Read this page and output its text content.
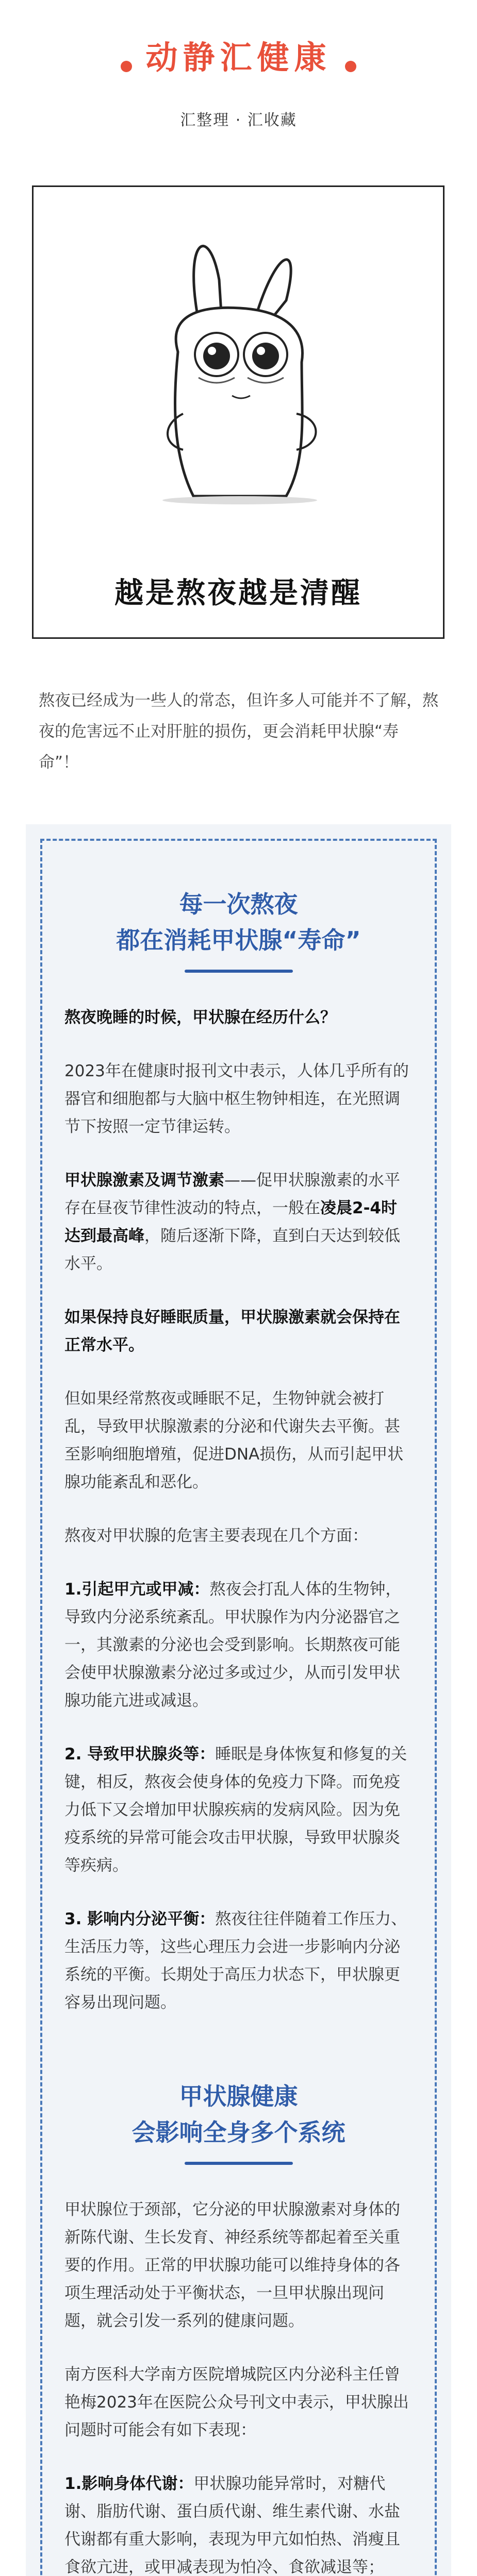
动静汇健康
汇整理 · 汇收藏
越是熬夜越是清醒
熬夜已经成为一些人的常态，但许多人可能并不了解，熬夜的危害远不止对肝脏的损伤，更会消耗甲状腺“寿命”！
每一次熬夜
都在消耗甲状腺“寿命”

熬夜晚睡的时候，甲状腺在经历什么？

2023年在健康时报刊文中表示，人体几乎所有的器官和细胞都与大脑中枢生物钟相连，在光照调节下按照一定节律运转。

甲状腺激素及调节激素——促甲状腺激素的水平存在昼夜节律性波动的特点，一般在凌晨2-4时达到最高峰，随后逐渐下降，直到白天达到较低水平。

如果保持良好睡眠质量，甲状腺激素就会保持在正常水平。

但如果经常熬夜或睡眠不足，生物钟就会被打乱，导致甲状腺激素的分泌和代谢失去平衡。甚至影响细胞增殖，促进DNA损伤，从而引起甲状腺功能紊乱和恶化。

熬夜对甲状腺的危害主要表现在几个方面：

1.引起甲亢或甲减：熬夜会打乱人体的生物钟，导致内分泌系统紊乱。甲状腺作为内分泌器官之一，其激素的分泌也会受到影响。长期熬夜可能会使甲状腺激素分泌过多或过少，从而引发甲状腺功能亢进或减退。

2. 导致甲状腺炎等：睡眠是身体恢复和修复的关键，相反，熬夜会使身体的免疫力下降。而免疫力低下又会增加甲状腺疾病的发病风险。因为免疫系统的异常可能会攻击甲状腺，导致甲状腺炎等疾病。

3. 影响内分泌平衡：熬夜往往伴随着工作压力、生活压力等，这些心理压力会进一步影响内分泌系统的平衡。长期处于高压力状态下，甲状腺更容易出现问题。

甲状腺健康
会影响全身多个系统

甲状腺位于颈部，它分泌的甲状腺激素对身体的新陈代谢、生长发育、神经系统等都起着至关重要的作用。正常的甲状腺功能可以维持身体的各项生理活动处于平衡状态，一旦甲状腺出现问题，就会引发一系列的健康问题。

南方医科大学南方医院增城院区内分泌科主任曾艳梅2023年在医院公众号刊文中表示，甲状腺出问题时可能会有如下表现：

1.影响身体代谢：甲状腺功能异常时，对糖代谢、脂肪代谢、蛋白质代谢、维生素代谢、水盐代谢都有重大影响，表现为甲亢如怕热、消瘦且食欲亢进，或甲减表现为怕冷、食欲减退等；
